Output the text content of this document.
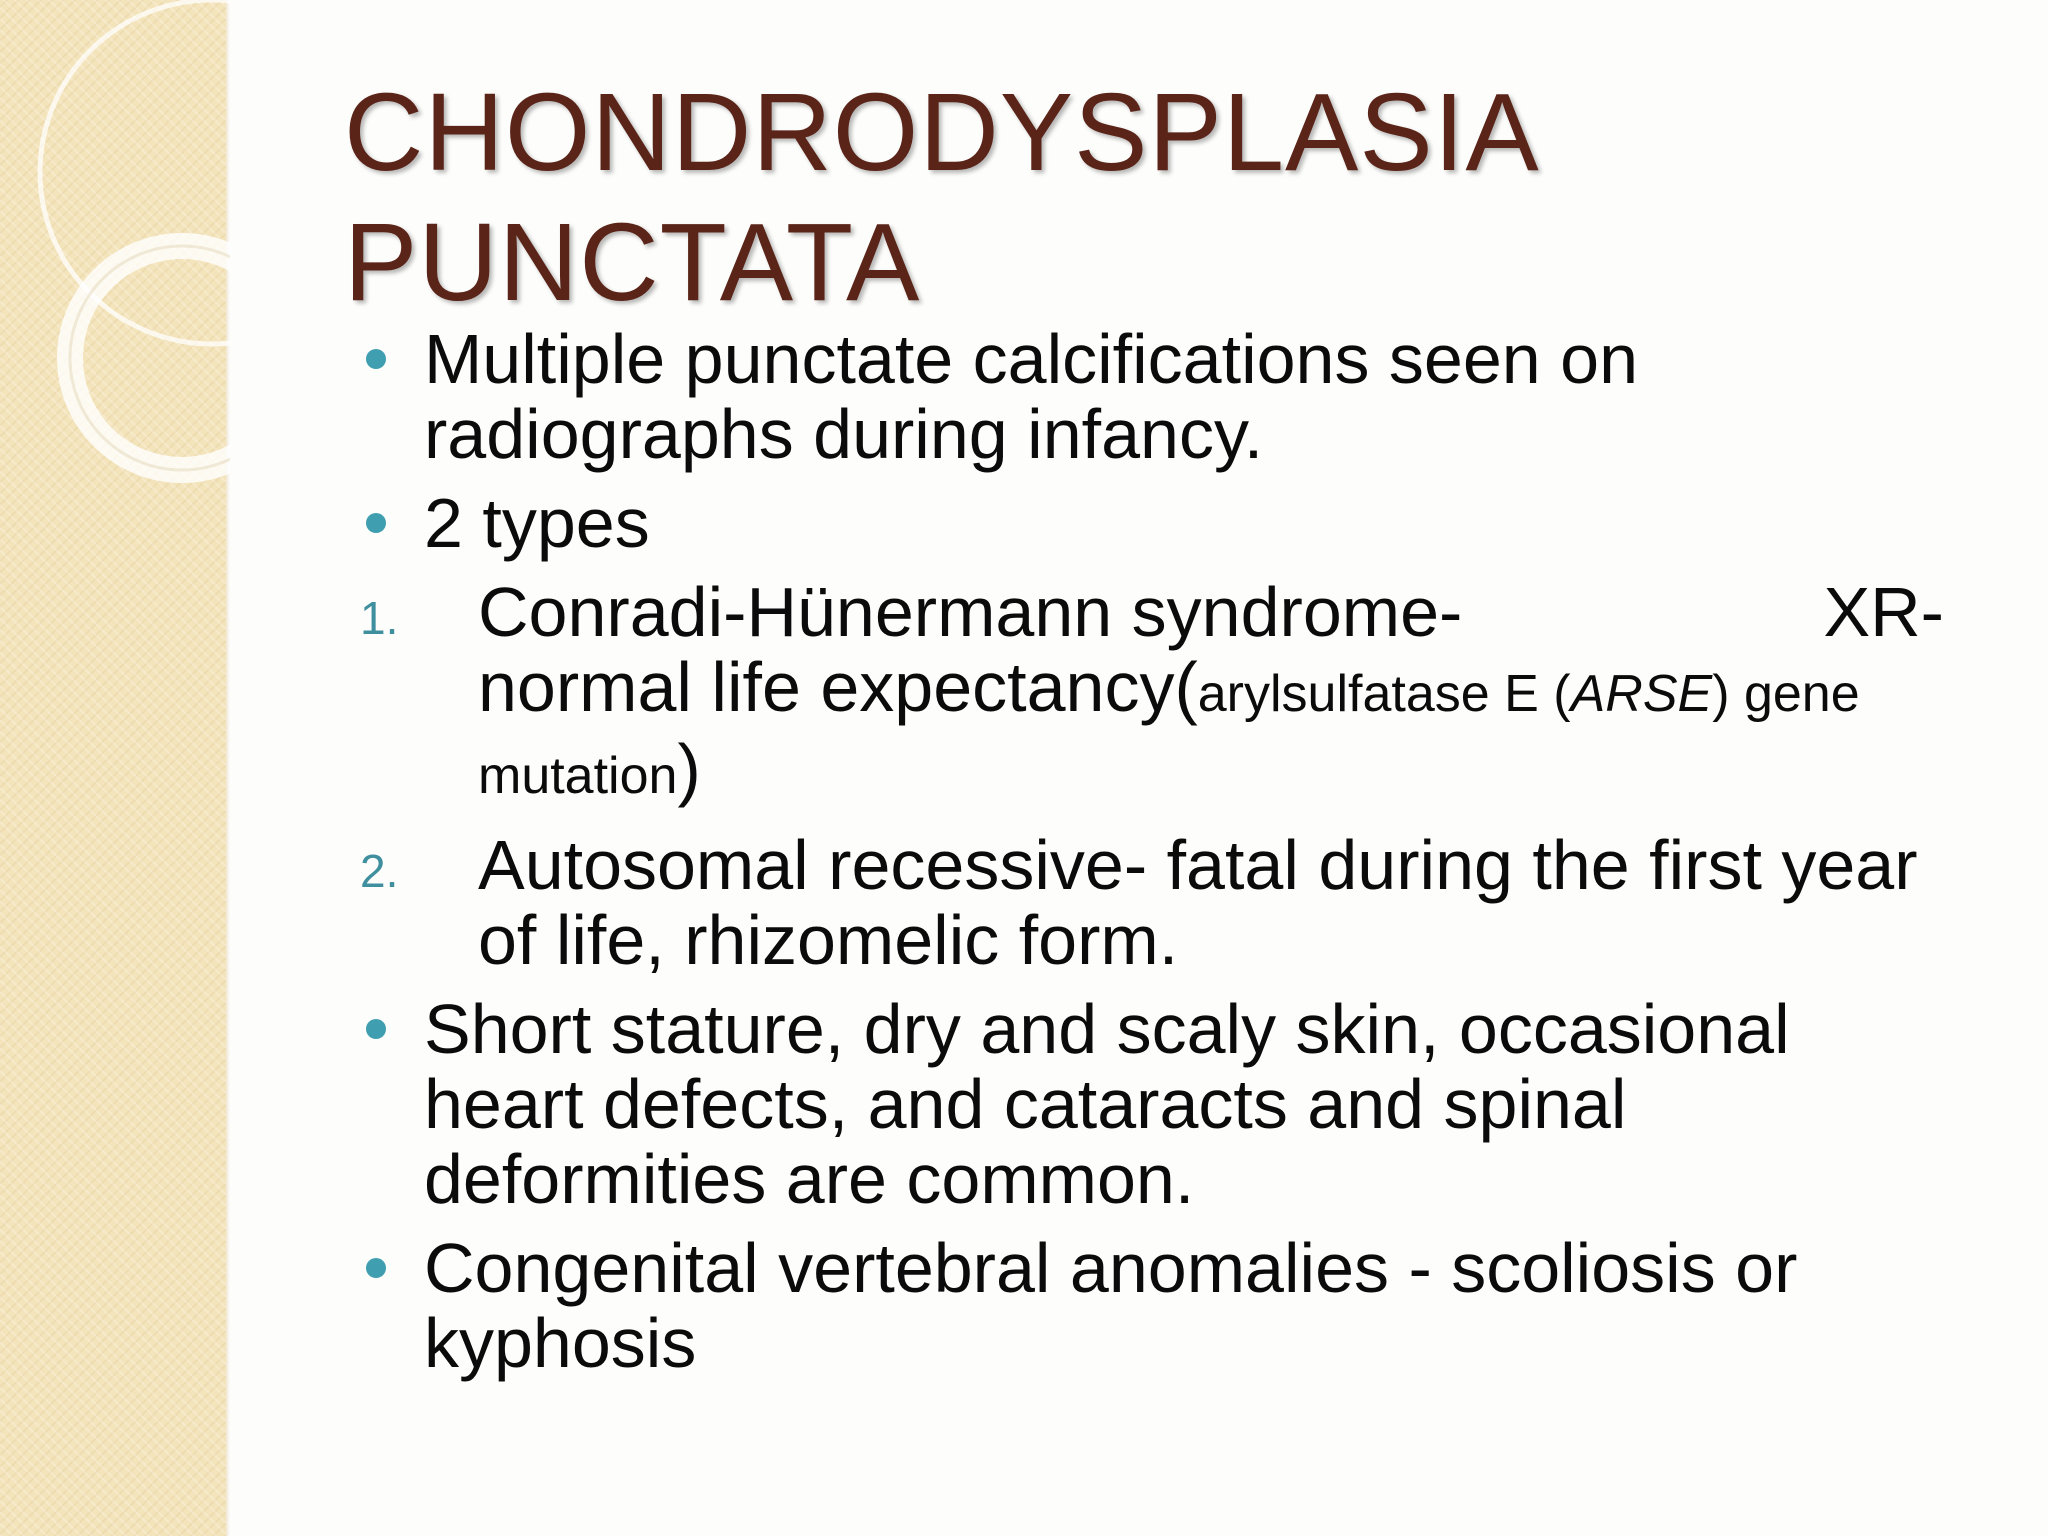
CHONDRODYSPLASIA
PUNCTATA
Multiple punctate calcifications seen on radiographs during infancy.
2 types
1. Conradi-Hünermann syndrome-	XR-
normal life expectancy(arylsulfatase E (ARSE) gene mutation)
2. Autosomal recessive- fatal during the first year of life, rhizomelic form.
Short stature, dry and scaly skin, occasional heart defects, and cataracts and spinal deformities are common.
Congenital vertebral anomalies - scoliosis or kyphosis
